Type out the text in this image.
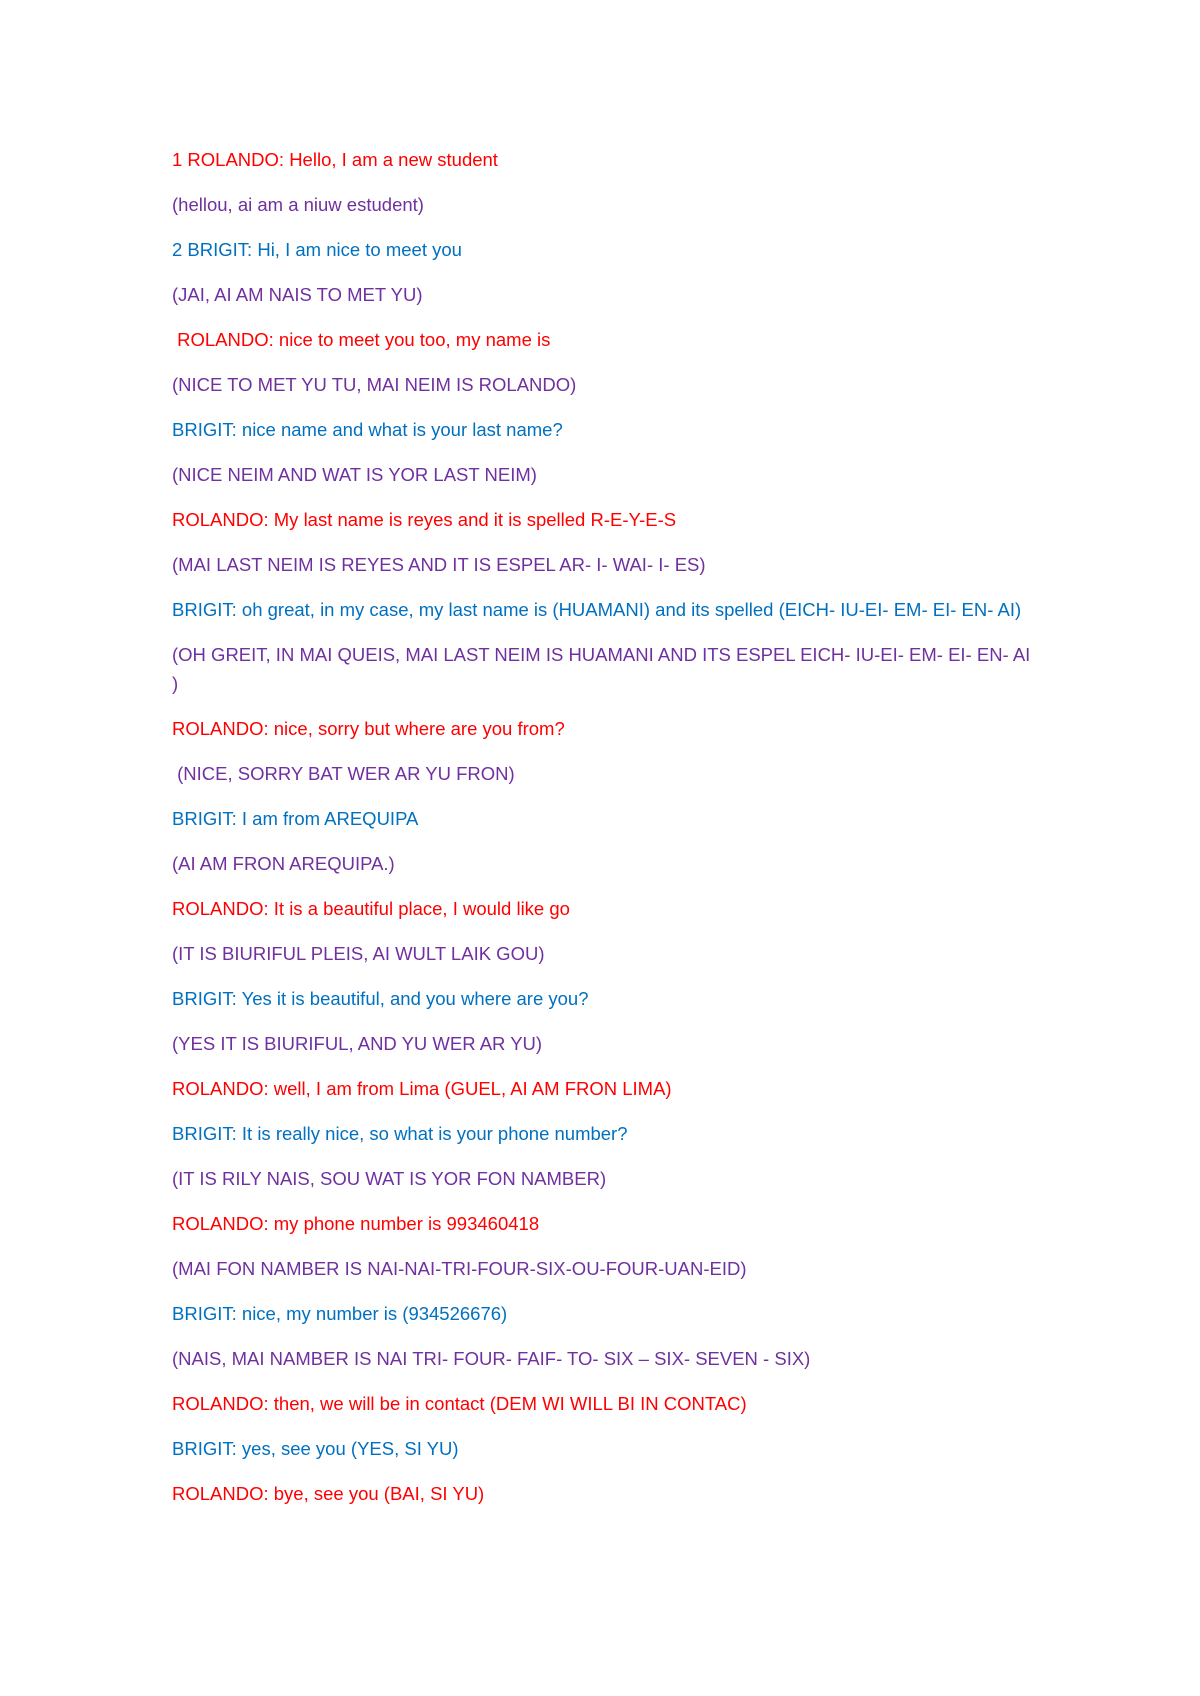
1 ROLANDO: Hello, I am a new student

(hellou, ai am a niuw estudent)

2 BRIGIT: Hi, I am nice to meet you

(JAI, AI AM NAIS TO MET YU)

ROLANDO: nice to meet you too, my name is

(NICE TO MET YU TU, MAI NEIM IS ROLANDO)

BRIGIT: nice name and what is your last name?

(NICE NEIM AND WAT IS YOR LAST NEIM)

ROLANDO: My last name is reyes and it is spelled R-E-Y-E-S

(MAI LAST NEIM IS REYES AND IT IS ESPEL AR- I- WAI- I- ES)

BRIGIT: oh great, in my case, my last name is (HUAMANI) and its spelled (EICH- IU-EI- EM- EI- EN- AI)

(OH GREIT, IN MAI QUEIS, MAI LAST NEIM IS HUAMANI AND ITS ESPEL EICH- IU-EI- EM- EI- EN- AI )

ROLANDO: nice, sorry but where are you from?

(NICE, SORRY BAT WER AR YU FRON)

BRIGIT: I am from AREQUIPA

(AI AM FRON AREQUIPA.)

ROLANDO: It is a beautiful place, I would like go

(IT IS BIURIFUL PLEIS, AI WULT LAIK GOU)

BRIGIT: Yes it is beautiful, and you where are you?

(YES IT IS BIURIFUL, AND YU WER AR YU)

ROLANDO: well, I am from Lima (GUEL, AI AM FRON LIMA)

BRIGIT: It is really nice, so what is your phone number?

(IT IS RILY NAIS, SOU WAT IS YOR FON NAMBER)

ROLANDO: my phone number is 993460418

(MAI FON NAMBER IS NAI-NAI-TRI-FOUR-SIX-OU-FOUR-UAN-EID)

BRIGIT: nice, my number is (934526676)

(NAIS, MAI NAMBER IS NAI TRI- FOUR- FAIF- TO- SIX – SIX- SEVEN - SIX)

ROLANDO: then, we will be in contact (DEM WI WILL BI IN CONTAC)

BRIGIT: yes, see you (YES, SI YU)

ROLANDO: bye, see you (BAI, SI YU)
